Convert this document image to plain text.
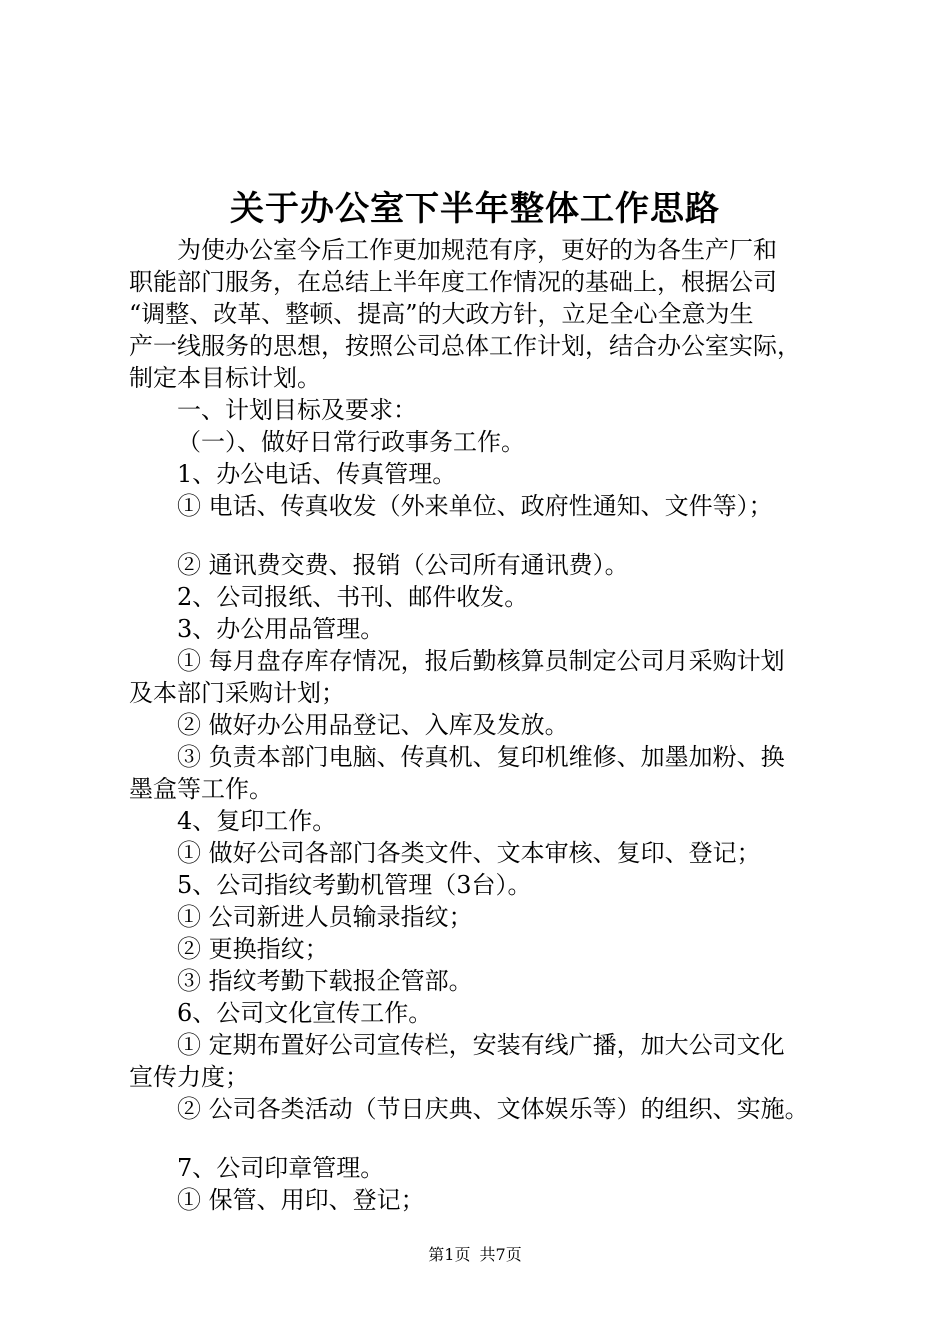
关于办公室下半年整体工作思路
为使办公室今后工作更加规范有序，更好的为各生产厂和
职能部门服务，在总结上半年度工作情况的基础上，根据公司
“调整、改革、整顿、提高”的大政方针，立足全心全意为生
产一线服务的思想，按照公司总体工作计划，结合办公室实际，
制定本目标计划。
一、计划目标及要求：
（一）、做好日常行政事务工作。
1、办公电话、传真管理。
① 电话、传真收发（外来单位、政府性通知、文件等）；
② 通讯费交费、报销（公司所有通讯费）。
2、公司报纸、书刊、邮件收发。
3、办公用品管理。
① 每月盘存库存情况，报后勤核算员制定公司月采购计划
及本部门采购计划；
② 做好办公用品登记、入库及发放。
③ 负责本部门电脑、传真机、复印机维修、加墨加粉、换
墨盒等工作。
4、复印工作。
① 做好公司各部门各类文件、文本审核、复印、登记；
5、公司指纹考勤机管理（3台）。
① 公司新进人员输录指纹；
② 更换指纹；
③ 指纹考勤下载报企管部。
6、公司文化宣传工作。
① 定期布置好公司宣传栏，安装有线广播，加大公司文化
宣传力度；
② 公司各类活动（节日庆典、文体娱乐等）的组织、实施。
7、公司印章管理。
① 保管、用印、登记；
第1页 共7页
